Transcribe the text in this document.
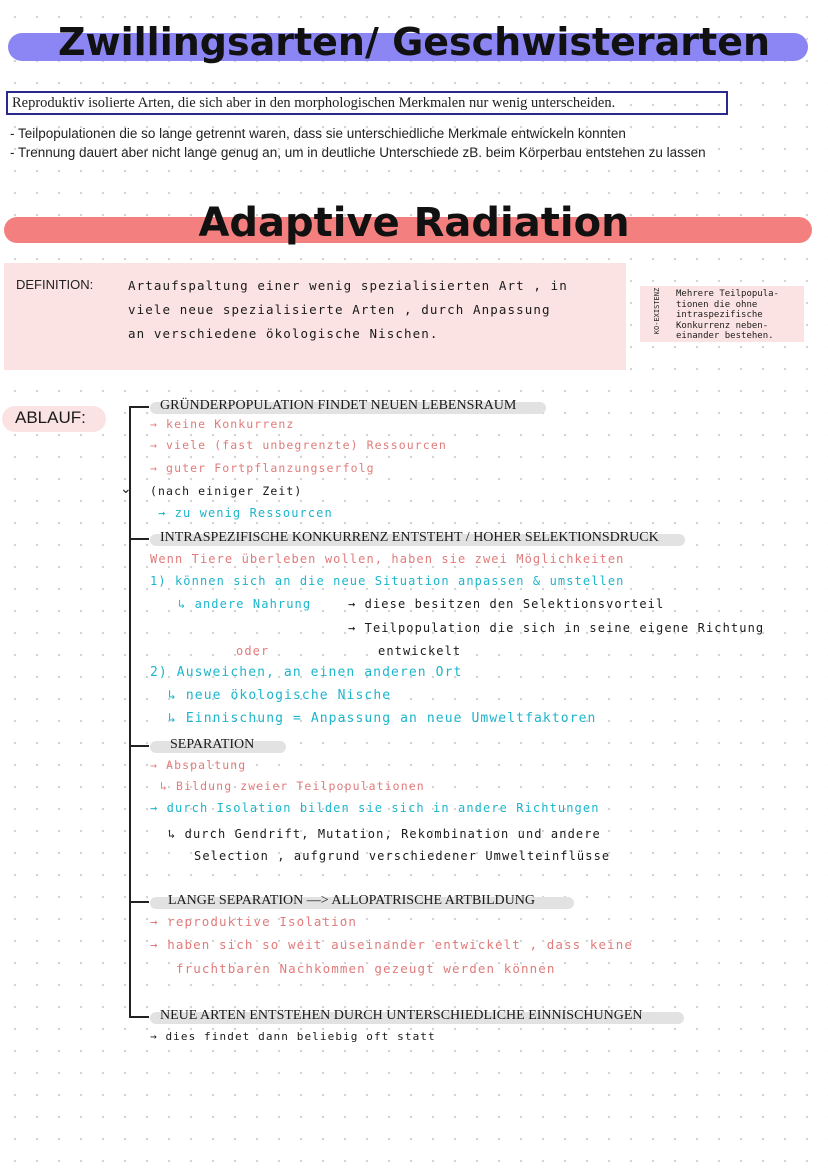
Zwillingsarten/ Geschwisterarten
Reproduktiv isolierte Arten, die sich aber in den morphologischen Merkmalen nur wenig unterscheiden.
- Teilpopulationen die so lange getrennt waren, dass sie unterschiedliche Merkmale entwickeln konnten
- Trennung dauert aber nicht lange genug an, um in deutliche Unterschiede zB. beim Körperbau entstehen zu lassen
Adaptive Radiation
DEFINITION:	Artaufspaltung einer wenig spezialisierten Art , in
viele neue spezialisierte Arten , durch Anpassung
an verschiedene ökologische Nischen.	KO-EXISTENZ Mehrere Teilpopula-
tionen die ohne
intraspezifische
Konkurrenz neben-
einander bestehen.
ABLAUF:
⌄
GRÜNDERPOPULATION FINDET NEUEN LEBENSRAUM
→ keine Konkurrenz
→ viele (fast unbegrenzte) Ressourcen
→ guter Fortpflanzungserfolg
(nach einiger Zeit)
→ zu wenig Ressourcen
INTRASPEZIFISCHE KONKURRENZ ENTSTEHT / HOHER SELEKTIONSDRUCK
Wenn Tiere überleben wollen, haben sie zwei Möglichkeiten
1) können sich an die neue Situation anpassen & umstellen
↳ andere Nahrung	→ diese besitzen den Selektionsvorteil
→ Teilpopulation die sich in seine eigene Richtung
entwickelt
oder
2) Ausweichen, an einen anderen Ort
↳ neue ökologische Nische
↳ Einnischung = Anpassung an neue Umweltfaktoren
SEPARATION
→ Abspaltung
↳ Bildung zweier Teilpopulationen
→ durch Isolation bilden sie sich in andere Richtungen
↳ durch Gendrift, Mutation, Rekombination und andere
Selection , aufgrund verschiedener Umwelteinflüsse
LANGE SEPARATION —> ALLOPATRISCHE ARTBILDUNG
→ reproduktive Isolation
→ haben sich so weit auseinander entwickelt , dass keine
fruchtbaren Nachkommen gezeugt werden können
NEUE ARTEN ENTSTEHEN DURCH UNTERSCHIEDLICHE EINNISCHUNGEN
→ dies findet dann beliebig oft statt
